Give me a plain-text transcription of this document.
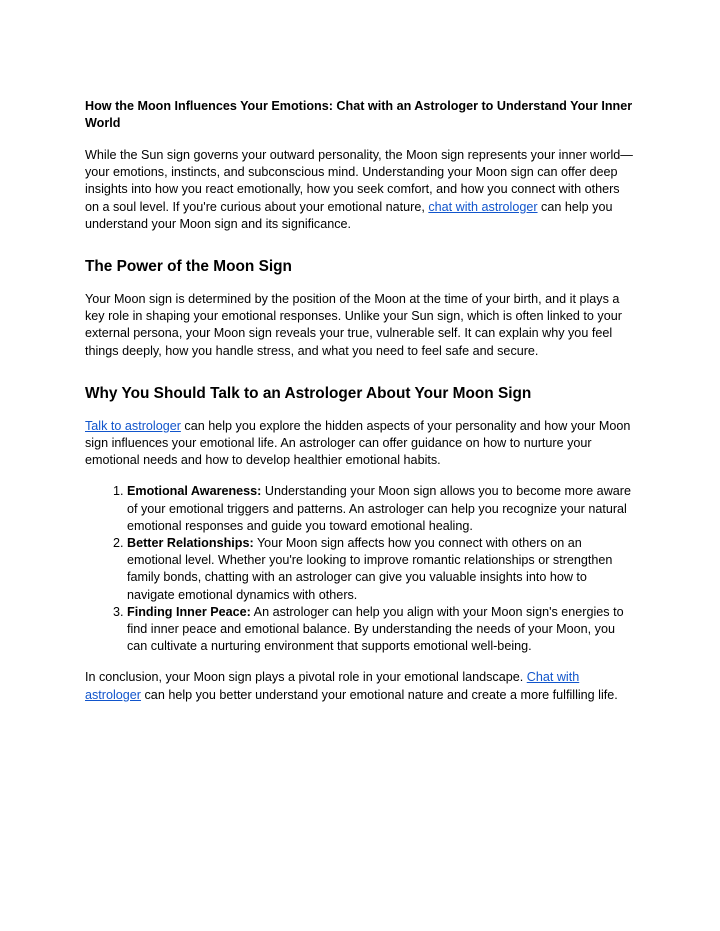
How the Moon Influences Your Emotions: Chat with an Astrologer to Understand Your Inner World

While the Sun sign governs your outward personality, the Moon sign represents your inner world—your emotions, instincts, and subconscious mind. Understanding your Moon sign can offer deep insights into how you react emotionally, how you seek comfort, and how you connect with others on a soul level. If you're curious about your emotional nature, chat with astrologer can help you understand your Moon sign and its significance.

The Power of the Moon Sign

Your Moon sign is determined by the position of the Moon at the time of your birth, and it plays a key role in shaping your emotional responses. Unlike your Sun sign, which is often linked to your external persona, your Moon sign reveals your true, vulnerable self. It can explain why you feel things deeply, how you handle stress, and what you need to feel safe and secure.

Why You Should Talk to an Astrologer About Your Moon Sign

Talk to astrologer can help you explore the hidden aspects of your personality and how your Moon sign influences your emotional life. An astrologer can offer guidance on how to nurture your emotional needs and how to develop healthier emotional habits.

1. Emotional Awareness: Understanding your Moon sign allows you to become more aware of your emotional triggers and patterns. An astrologer can help you recognize your natural emotional responses and guide you toward emotional healing.
2. Better Relationships: Your Moon sign affects how you connect with others on an emotional level. Whether you're looking to improve romantic relationships or strengthen family bonds, chatting with an astrologer can give you valuable insights into how to navigate emotional dynamics with others.
3. Finding Inner Peace: An astrologer can help you align with your Moon sign's energies to find inner peace and emotional balance. By understanding the needs of your Moon, you can cultivate a nurturing environment that supports emotional well-being.

In conclusion, your Moon sign plays a pivotal role in your emotional landscape. Chat with astrologer can help you better understand your emotional nature and create a more fulfilling life.
